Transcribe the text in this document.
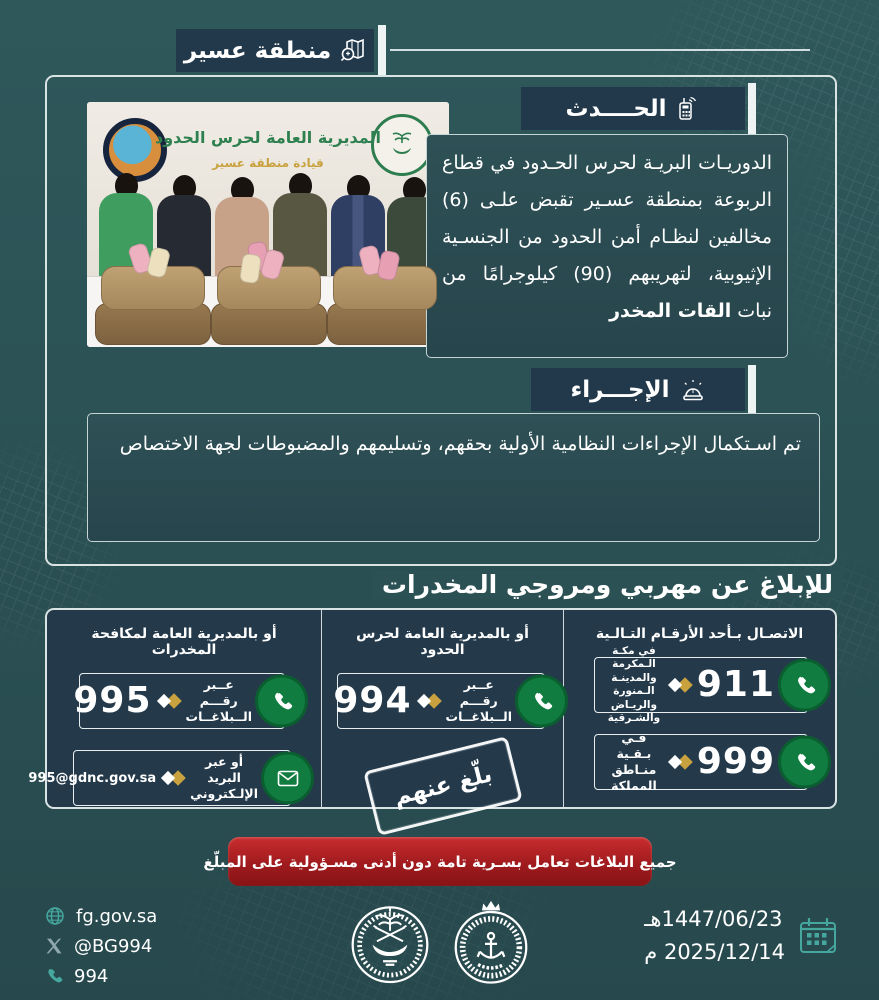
منطقة عسير
المديرية العامة لحرس الحدود
قيادة منطقة عسير
الحــــدث
الدوريـات البريـة لحرس الحـدود في قطاع الربوعة بمنطقة عسـير تقبض علـى (6) مخالفين لنظـام أمن الحدود من الجنسـية الإثيوبية، لتهريبهم (90) كيلوجرامًا من نبات القات المخدر
الإجـــراء
تم اسـتكمال الإجراءات النظامية الأولية بحقهم، وتسليمهم والمضبوطات لجهة الاختصاص
للإبلاغ عن مهربي ومروجي المخدرات
الاتصـال بـأحد الأرقـام التـالـية
911
في مكـة الـمكرمة
والمدينـة الـمنورة
والريـاض والشـرقية
999
فـي بـقـية
منـاطق المملكة
أو بالمديرية العامة لحرس الحدود
عــبر رقـــم
الــبلاغــات
994
بلّغ عنهم
أو بالمديرية العامة لمكافحة المخدرات
عــبر رقـــم
الــبلاغــات
995
أو عبر البريد
الإلـكتروني
995@gdnc.gov.sa
جميع البلاغات تعامل بسـرية تامة دون أدنى مسـؤولية على المبلّغ
fg.gov.sa
@BG994
994
1447/06/23هـ
2025/12/14 م
